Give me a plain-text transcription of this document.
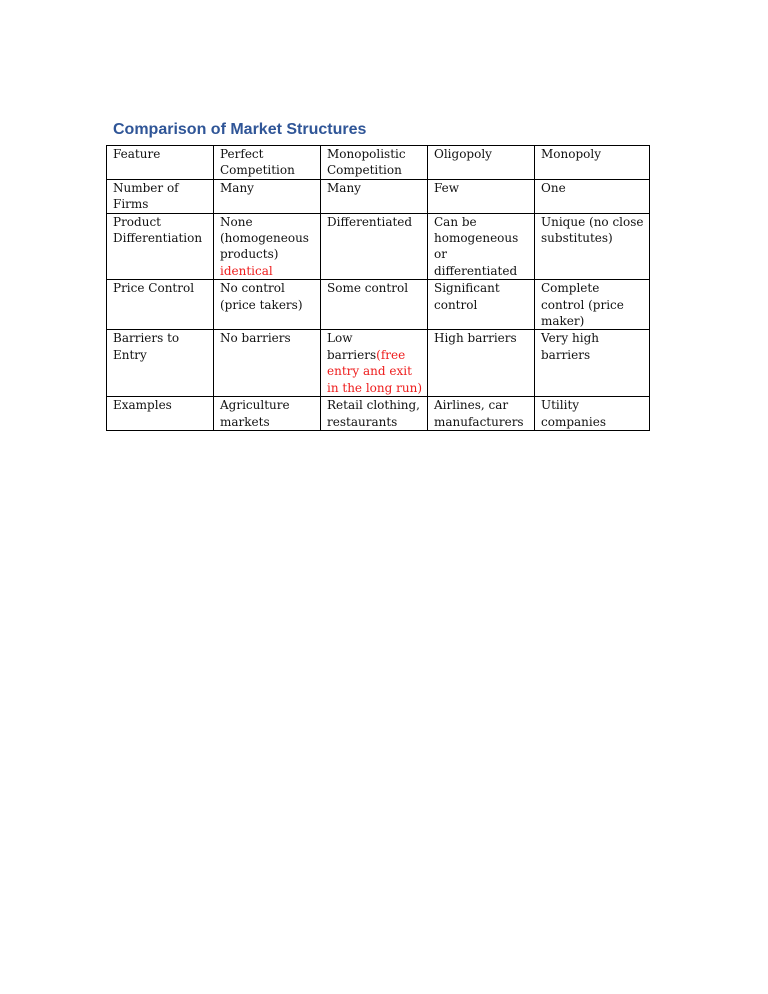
Comparison of Market Structures
Feature	Perfect Competition	Monopolistic Competition	Oligopoly	Monopoly
Number of Firms	Many	Many	Few	One
Product Differentiation	None (homogeneous products) identical	Differentiated	Can be homogeneous or differentiated	Unique (no close substitutes)
Price Control	No control (price takers)	Some control	Significant control	Complete control (price maker)
Barriers to Entry	No barriers	Low barriers(free entry and exit in the long run)	High barriers	Very high barriers
Examples	Agriculture markets	Retail clothing, restaurants	Airlines, car manufacturers	Utility companies
